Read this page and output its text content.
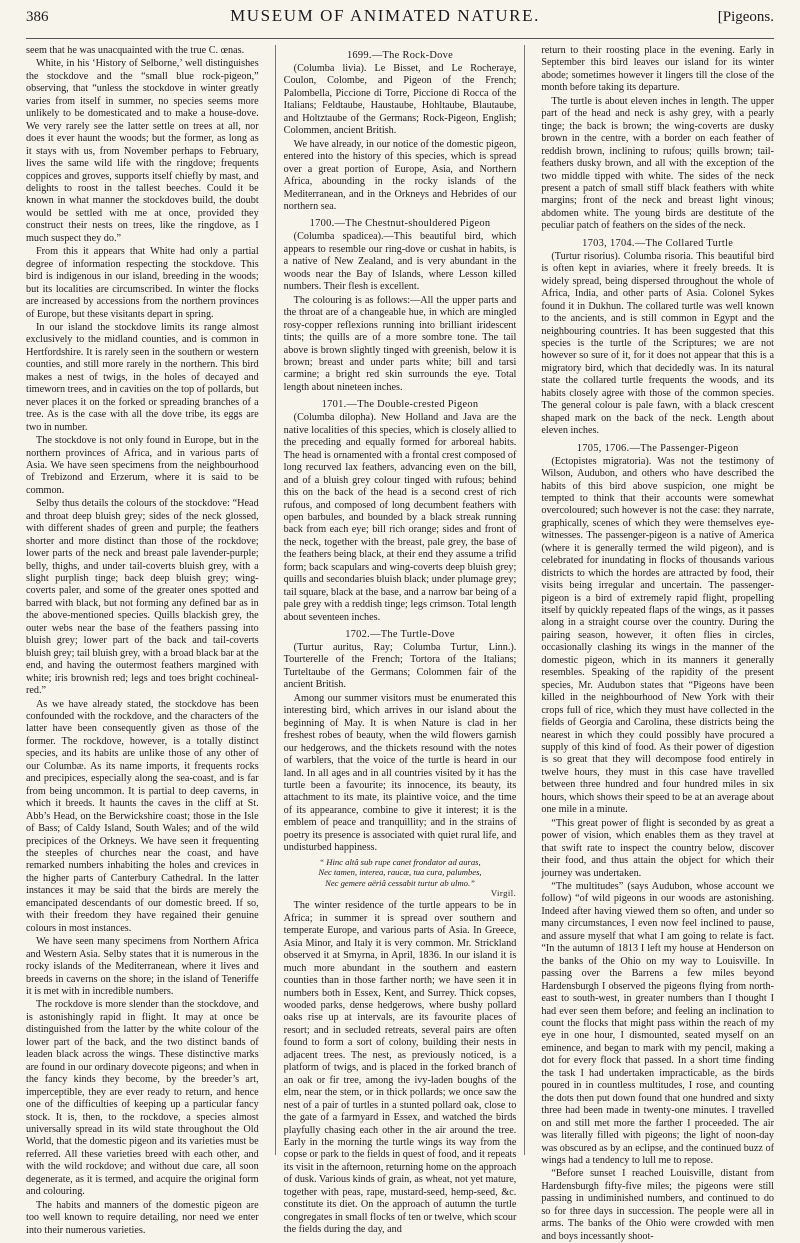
386	MUSEUM OF ANIMATED NATURE.	[Pigeons.

seem that he was unacquainted with the true C. œnas.

White, in his ‘History of Selborne,’ well distinguishes the stockdove and the “small blue rock-pigeon,” observing, that “unless the stockdove in winter greatly varies from itself in summer, no species seems more unlikely to be domesticated and to make a house-dove. We very rarely see the latter settle on trees at all, nor does it ever haunt the woods; but the former, as long as it stays with us, from November perhaps to February, lives the same wild life with the ringdove; frequents coppices and groves, supports itself chiefly by mast, and delights to roost in the tallest beeches. Could it be known in what manner the stockdoves build, the doubt would be settled with me at once, provided they construct their nests on trees, like the ringdove, as I much suspect they do.”

From this it appears that White had only a partial degree of information respecting the stockdove. This bird is indigenous in our island, breeding in the woods; but its localities are circumscribed. In winter the flocks are increased by accessions from the northern provinces of Europe, but these visitants depart in spring.

In our island the stockdove limits its range almost exclusively to the midland counties, and is common in Hertfordshire. It is rarely seen in the southern or western counties, and still more rarely in the northern. This bird makes a nest of twigs, in the holes of decayed and timeworn trees, and in cavities on the top of pollards, but never places it on the forked or spreading branches of a tree. As is the case with all the dove tribe, its eggs are two in number.

The stockdove is not only found in Europe, but in the northern provinces of Africa, and in various parts of Asia. We have seen specimens from the neighbourhood of Trebizond and Erzerum, where it is said to be common.

Selby thus details the colours of the stockdove: “Head and throat deep bluish grey; sides of the neck glossed, with different shades of green and purple; the feathers shorter and more distinct than those of the rockdove; lower parts of the neck and breast pale lavender-purple; belly, thighs, and under tail-coverts bluish grey, with a slight purplish tinge; back deep bluish grey; wing-coverts paler, and some of the greater ones spotted and barred with black, but not forming any defined bar as in the above-mentioned species. Quills blackish grey, the outer webs near the base of the feathers passing into bluish grey; lower part of the back and tail-coverts bluish grey; tail bluish grey, with a broad black bar at the end, and having the outermost feathers margined with white; iris brownish red; legs and toes bright cochineal-red.”

As we have already stated, the stockdove has been confounded with the rockdove, and the characters of the latter have been consequently given as those of the former. The rockdove, however, is a totally distinct species, and its habits are unlike those of any other of our Columbæ. As its name imports, it frequents rocks and precipices, especially along the sea-coast, and is far from being uncommon. It is partial to deep caverns, in which it breeds. It haunts the caves in the cliff at St. Abb’s Head, on the Berwickshire coast; those in the Isle of Bass; of Caldy Island, South Wales; and of the wild precipices of the Orkneys. We have seen it frequenting the steeples of churches near the coast, and have remarked numbers inhabiting the holes and crevices in the higher parts of Canterbury Cathedral. In the latter instances it may be said that the birds are merely the emancipated descendants of our domestic breed. If so, with their freedom they have regained their genuine colours in most instances.

We have seen many specimens from Northern Africa and Western Asia. Selby states that it is numerous in the rocky islands of the Mediterranean, where it lives and breeds in caverns on the shore; in the island of Teneriffe it is met with in incredible numbers.

The rockdove is more slender than the stockdove, and is astonishingly rapid in flight. It may at once be distinguished from the latter by the white colour of the lower part of the back, and the two distinct bands of leaden black across the wings. These distinctive marks are found in our ordinary dovecote pigeons; and when in the fancy kinds they become, by the breeder’s art, imperceptible, they are ever ready to return, and hence one of the difficulties of keeping up a particular fancy stock. It is, then, to the rockdove, a species almost universally spread in its wild state throughout the Old World, that the domestic pigeon and its varieties must be referred. All these varieties breed with each other, and with the wild rockdove; and without due care, all soon degenerate, as it is termed, and acquire the original form and colouring.

The habits and manners of the domestic pigeon are too well known to require detailing, nor need we enter into their numerous varieties.

1699.—The Rock-Dove

(Columba livia). Le Bisset, and Le Rocheraye, Coulon, Colombe, and Pigeon of the French; Palombella, Piccione di Torre, Piccione di Rocca of the Italians; Feldtaube, Haustaube, Hohltaube, Blautaube, and Holtztaube of the Germans; Rock-Pigeon, English; Colommen, ancient British.

We have already, in our notice of the domestic pigeon, entered into the history of this species, which is spread over a great portion of Europe, Asia, and Northern Africa, abounding in the rocky islands of the Mediterranean, and in the Orkneys and Hebrides of our northern sea.

1700.—The Chestnut-shouldered Pigeon

(Columba spadicea).—This beautiful bird, which appears to resemble our ring-dove or cushat in habits, is a native of New Zealand, and is very abundant in the woods near the Bay of Islands, where Lesson killed numbers. Their flesh is excellent.

The colouring is as follows:—All the upper parts and the throat are of a changeable hue, in which are mingled rosy-copper reflexions running into brilliant iridescent tints; the quills are of a more sombre tone. The tail above is brown slightly tinged with greenish, below it is brown; breast and under parts white; bill and tarsi carmine; a bright red skin surrounds the eye. Total length about nineteen inches.

1701.—The Double-crested Pigeon

(Columba dilopha). New Holland and Java are the native localities of this species, which is closely allied to the preceding and equally formed for arboreal habits. The head is ornamented with a frontal crest composed of long recurved lax feathers, advancing even on the bill, and of a bluish grey colour tinged with rufous; behind this on the back of the head is a second crest of rich rufous, and composed of long decumbent feathers with open barbules, and bounded by a black streak running back from each eye; bill rich orange; sides and front of the neck, together with the breast, pale grey, the base of the feathers being black, at their end they assume a trifid form; back scapulars and wing-coverts deep bluish grey; quills and secondaries bluish black; under plumage grey; tail square, black at the base, and a narrow bar being of a pale grey with a reddish tinge; legs crimson. Total length about seventeen inches.

1702.—The Turtle-Dove

(Turtur auritus, Ray; Columba Turtur, Linn.). Tourterelle of the French; Tortora of the Italians; Turteltaube of the Germans; Colommen fair of the ancient British.

Among our summer visitors must be enumerated this interesting bird, which arrives in our island about the beginning of May. It is when Nature is clad in her freshest robes of beauty, when the wild flowers garnish our hedgerows, and the thickets resound with the notes of warblers, that the voice of the turtle is heard in our land. In all ages and in all countries visited by it has the turtle been a favourite; its innocence, its beauty, its attachment to its mate, its plaintive voice, and the time of its appearance, combine to give it interest; it is the emblem of peace and tranquillity; and in the strains of poetry its presence is associated with quiet rural life, and undisturbed happiness.

“ Hinc altâ sub rupe canet frondator ad auras,
Nec tamen, interea, raucæ, tua cura, palumbes,
Nec gemere aëriâ cessabit turtur ab ulmo.”
Virgil.

The winter residence of the turtle appears to be in Africa; in summer it is spread over southern and temperate Europe, and various parts of Asia. In Greece, Asia Minor, and Italy it is very common. Mr. Strickland observed it at Smyrna, in April, 1836. In our island it is much more abundant in the southern and eastern counties than in those farther north; we have seen it in numbers both in Essex, Kent, and Surrey. Thick copses, wooded parks, dense hedgerows, where bushy pollard oaks rise up at intervals, are its favourite places of resort; and in secluded retreats, several pairs are often found to form a sort of colony, building their nests in adjacent trees. The nest, as previously noticed, is a platform of twigs, and is placed in the forked branch of an oak or fir tree, among the ivy-laden boughs of the elm, near the stem, or in thick pollards; we once saw the nest of a pair of turtles in a stunted pollard oak, close to the gate of a farmyard in Essex, and watched the birds playfully chasing each other in the air around the tree. Early in the morning the turtle wings its way from the copse or park to the fields in quest of food, and it repeats its visit in the afternoon, returning home on the approach of dusk. Various kinds of grain, as wheat, not yet mature, together with peas, rape, mustard-seed, hemp-seed, &c. constitute its diet. On the approach of autumn the turtle congregates in small flocks of ten or twelve, which scour the fields during the day, and

return to their roosting place in the evening. Early in September this bird leaves our island for its winter abode; sometimes however it lingers till the close of the month before taking its departure.

The turtle is about eleven inches in length. The upper part of the head and neck is ashy grey, with a pearly tinge; the back is brown; the wing-coverts are dusky brown in the centre, with a border on each feather of reddish brown, inclining to rufous; quills brown; tail-feathers dusky brown, and all with the exception of the two middle tipped with white. The sides of the neck present a patch of small stiff black feathers with white margins; front of the neck and breast light vinous; abdomen white. The young birds are destitute of the peculiar patch of feathers on the sides of the neck.

1703, 1704.—The Collared Turtle

(Turtur risorius). Columba risoria. This beautiful bird is often kept in aviaries, where it freely breeds. It is widely spread, being dispersed throughout the whole of Africa, India, and other parts of Asia. Colonel Sykes found it in Dukhun. The collared turtle was well known to the ancients, and is still common in Egypt and the neighbouring countries. It has been suggested that this species is the turtle of the Scriptures; we are not however so sure of it, for it does not appear that this is a migratory bird, which that decidedly was. In its natural state the collared turtle frequents the woods, and its habits closely agree with those of the common species. The general colour is pale fawn, with a black crescent shaped mark on the back of the neck. Length about eleven inches.

1705, 1706.—The Passenger-Pigeon

(Ectopistes migratoria). Was not the testimony of Wilson, Audubon, and others who have described the habits of this bird above suspicion, one might be tempted to think that their accounts were somewhat overcoloured; such however is not the case: they narrate, graphically, scenes of which they were themselves eye-witnesses. The passenger-pigeon is a native of America (where it is generally termed the wild pigeon), and is celebrated for inundating in flocks of thousands various districts to which the hordes are attracted by food, their visits being irregular and uncertain. The passenger-pigeon is a bird of extremely rapid flight, propelling itself by quickly repeated flaps of the wings, as it passes along in a straight course over the country. During the pairing season, however, it often flies in circles, occasionally clashing its wings in the manner of the domestic pigeon, which in its manners it generally resembles. Speaking of the rapidity of the present species, Mr. Audubon states that “Pigeons have been killed in the neighbourhood of New York with their crops full of rice, which they must have collected in the fields of Georgia and Carolina, these districts being the nearest in which they could possibly have procured a supply of this kind of food. As their power of digestion is so great that they will decompose food entirely in twelve hours, they must in this case have travelled between three hundred and four hundred miles in six hours, which shows their speed to be at an average about one mile in a minute.

“This great power of flight is seconded by as great a power of vision, which enables them as they travel at that swift rate to inspect the country below, discover their food, and thus attain the object for which their journey was undertaken.

“The multitudes” (says Audubon, whose account we follow) “of wild pigeons in our woods are astonishing. Indeed after having viewed them so often, and under so many circumstances, I even now feel inclined to pause, and assure myself that what I am going to relate is fact. “In the autumn of 1813 I left my house at Henderson on the banks of the Ohio on my way to Louisville. In passing over the Barrens a few miles beyond Hardensburgh I observed the pigeons flying from north-east to south-west, in greater numbers than I thought I had ever seen them before; and feeling an inclination to count the flocks that might pass within the reach of my eye in one hour, I dismounted, seated myself on an eminence, and began to mark with my pencil, making a dot for every flock that passed. In a short time finding the task I had undertaken impracticable, as the birds poured in in countless multitudes, I rose, and counting the dots then put down found that one hundred and sixty three had been made in twenty-one minutes. I travelled on and still met more the farther I proceeded. The air was literally filled with pigeons; the light of noon-day was obscured as by an eclipse, and the continued buzz of wings had a tendency to lull me to repose.

“Before sunset I reached Louisville, distant from Hardensburgh fifty-five miles; the pigeons were still passing in undiminished numbers, and continued to do so for three days in succession. The people were all in arms. The banks of the Ohio were crowded with men and boys incessantly shoot-
